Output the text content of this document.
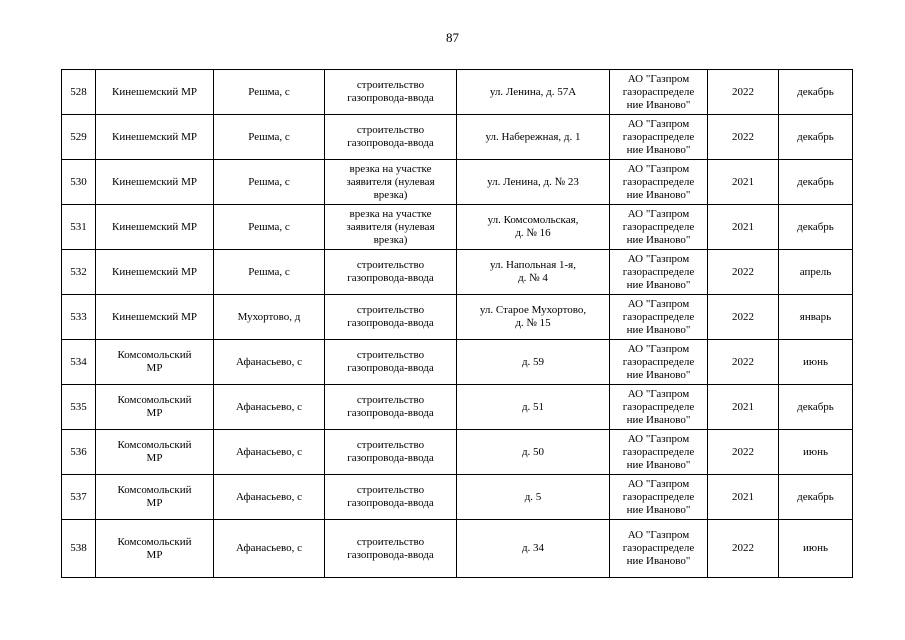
87
528	Кинешемский МР	Решма, с	строительство
газопровода-ввода	ул. Ленина, д. 57А	АО "Газпром
газораспределе
ние Иваново"	2022	декабрь
529	Кинешемский МР	Решма, с	строительство
газопровода-ввода	ул. Набережная, д. 1	АО "Газпром
газораспределе
ние Иваново"	2022	декабрь
530	Кинешемский МР	Решма, с	врезка на участке
заявителя (нулевая
врезка)	ул. Ленина, д. № 23	АО "Газпром
газораспределе
ние Иваново"	2021	декабрь
531	Кинешемский МР	Решма, с	врезка на участке
заявителя (нулевая
врезка)	ул. Комсомольская,
д. № 16	АО "Газпром
газораспределе
ние Иваново"	2021	декабрь
532	Кинешемский МР	Решма, с	строительство
газопровода-ввода	ул. Напольная 1-я,
д. № 4	АО "Газпром
газораспределе
ние Иваново"	2022	апрель
533	Кинешемский МР	Мухортово, д	строительство
газопровода-ввода	ул. Старое Мухортово,
д. № 15	АО "Газпром
газораспределе
ние Иваново"	2022	январь
534	Комсомольский
МР	Афанасьево, с	строительство
газопровода-ввода	д. 59	АО "Газпром
газораспределе
ние Иваново"	2022	июнь
535	Комсомольский
МР	Афанасьево, с	строительство
газопровода-ввода	д. 51	АО "Газпром
газораспределе
ние Иваново"	2021	декабрь
536	Комсомольский
МР	Афанасьево, с	строительство
газопровода-ввода	д. 50	АО "Газпром
газораспределе
ние Иваново"	2022	июнь
537	Комсомольский
МР	Афанасьево, с	строительство
газопровода-ввода	д. 5	АО "Газпром
газораспределе
ние Иваново"	2021	декабрь
538	Комсомольский
МР	Афанасьево, с	строительство
газопровода-ввода	д. 34	АО "Газпром
газораспределе
ние Иваново"	2022	июнь
